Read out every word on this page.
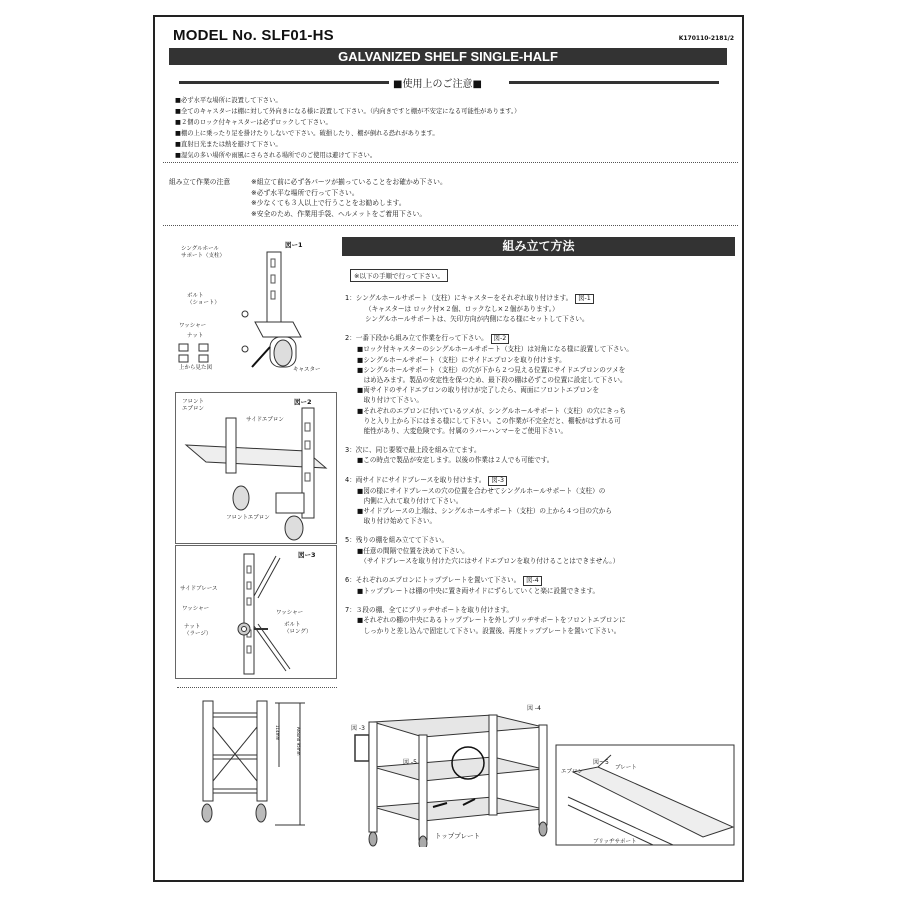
MODEL No. SLF01-HS	K170110-2181/2
GALVANIZED SHELF SINGLE-HALF
■使用上のご注意■
■必ず水平な場所に設置して下さい。
■全てのキャスターは棚に対して外向きになる様に設置して下さい。（内向きですと棚が不安定になる可能性があります。）
■２個のロック付キャスターは必ずロックして下さい。
■棚の上に乗ったり足を掛けたりしないで下さい。破損したり、棚が倒れる恐れがあります。
■直射日光または熱を避けて下さい。
■湿気の多い場所や雨風にさらされる場所でのご使用は避けて下さい。
組み立て作業の注意	※組立て前に必ず各パーツが揃っていることをお確かめ下さい。
※必ず水平な場所で行って下さい。
※少なくても３人以上で行うことをお勧めします。
※安全のため、作業用手袋、ヘルメットをご着用下さい。
図ー1
シングルホール
サポート（支柱）
ボルト
（ショート）
ワッシャー
ナット
上から見た図	キャスター
図ー2
フロント
エプロン
サイドエプロン
フロントエプロン
図ー3
サイドブレース
ワッシャー
ナット
（ラージ）
ワッシャー
ボルト
（ロング）
114mm	Around 95mm
組み立て方法
※以下の手順で行って下さい。
1：シングルホールサポート（支柱）にキャスターをそれぞれ取り付けます。 図-1
（キャスターは ロック付×２個、ロックなし×２個があります。）
シングルホールサポートは、矢印方向が内側になる様にセットして下さい。
2：一番下段から組み立て作業を行って下さい。 図-2
■ロック付キャスターのシングルホールサポート（支柱）は対角になる様に設置して下さい。
■シングルホールサポート（支柱）にサイドエプロンを取り付けます。
■シングルホールサポート（支柱）の穴が下から２つ見える位置にサイドエプロンのツメを
　はめ込みます。製品の安定性を保つため、最下段の棚は必ずこの位置に設定して下さい。
■両サイドのサイドエプロンの取り付けが完了したら、両面にフロントエプロンを
　取り付けて下さい。
■それぞれのエプロンに付いているツメが、シングルホールサポート（支柱）の穴にきっち
　りと入り上から下にはまる様にして下さい。この作業が不完全だと、棚板がはずれる可
　能性があり、大変危険です。付属のラバーハンマーをご使用下さい。
3：次に、同じ要領で最上段を組み立てます。
■この時点で製品が安定します。以後の作業は２人でも可能です。
4：両サイドにサイドブレースを取り付けます。 図-3
■図の様にサイドブレースの穴の位置を合わせてシングルホールサポート（支柱）の
　内側に入れて取り付けて下さい。
■サイドブレースの上端は、シングルホールサポート（支柱）の上から４つ目の穴から
　取り付け始めて下さい。
5：残りの棚を組み立てて下さい。
■任意の間隔で位置を決めて下さい。
　（サイドブレースを取り付けた穴にはサイドエプロンを取り付けることはできません。）
6：それぞれのエプロンにトッププレートを置いて下さい。 図-4
■トッププレートは棚の中央に置き両サイドにずらしていくと楽に設置できます。
7：３段の棚、全てにブリッヂサポートを取り付けます。
■それぞれの棚の中央にあるトッププレートを外しブリッヂサポートをフロントエプロンに
　しっかりと差し込んで固定して下さい。設置後、再度トッププレートを置いて下さい。
図 -4
図 -3
図 -5
トッププレート
図ー5
プレート
エプロン
ブリッヂサポート
